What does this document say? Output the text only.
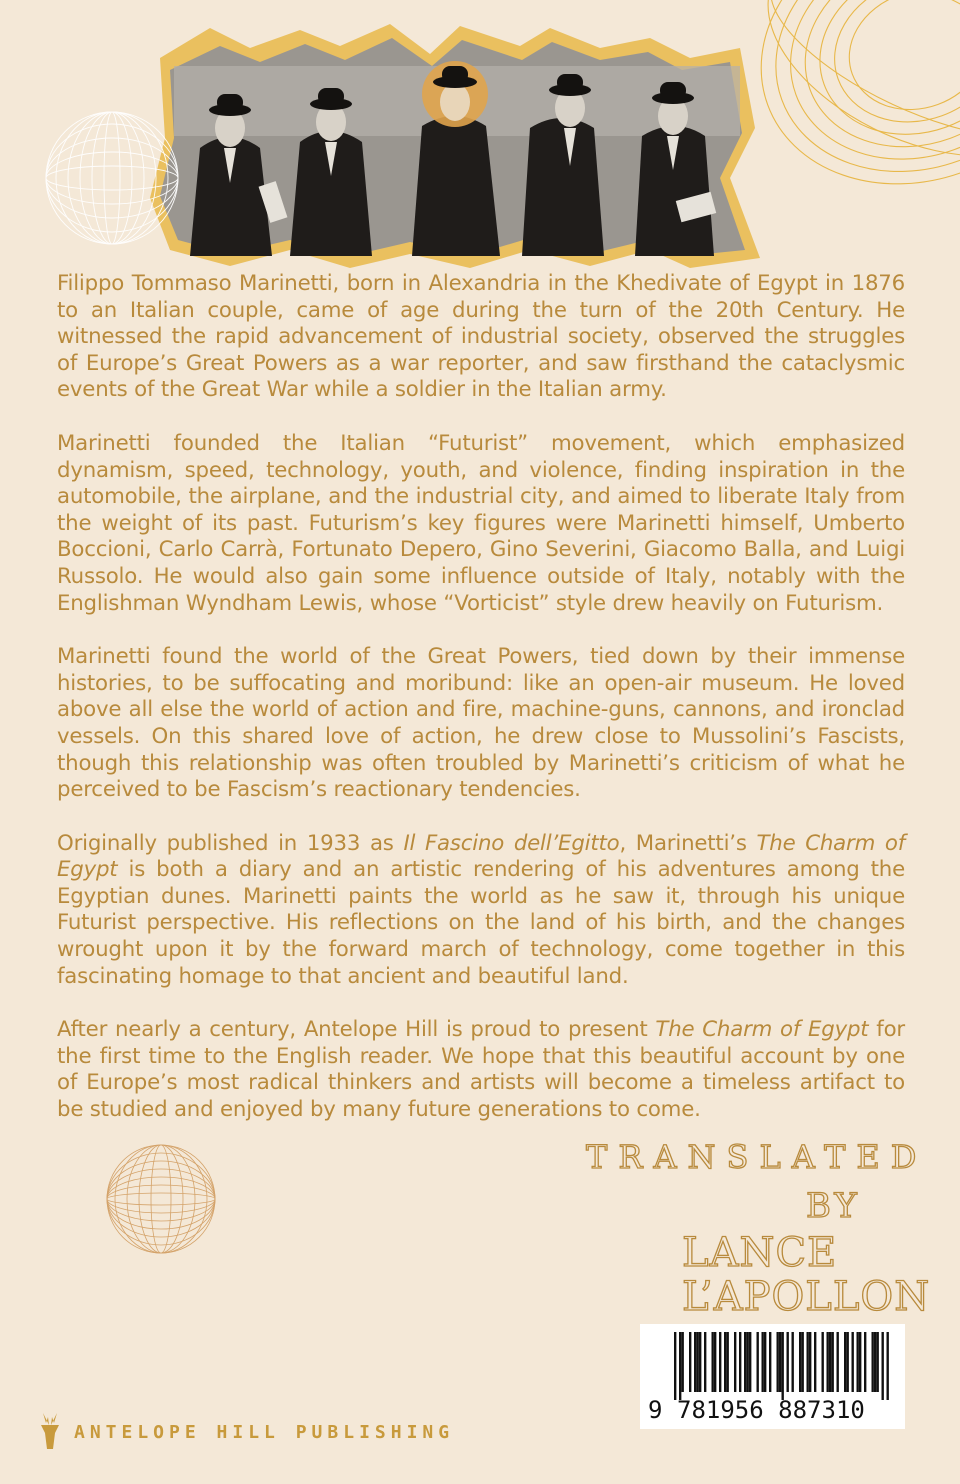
Filippo Tommaso Marinetti, born in Alexandria in the Khedivate of Egypt in 1876 to an Italian couple, came of age during the turn of the 20th Century. He witnessed the rapid advancement of industrial society, observed the struggles of Europe’s Great Powers as a war reporter, and saw firsthand the cataclysmic events of the Great War while a soldier in the Italian army.

Marinetti founded the Italian “Futurist” movement, which emphasized dynamism, speed, technology, youth, and violence, finding inspiration in the automobile, the airplane, and the industrial city, and aimed to liberate Italy from the weight of its past. Futurism’s key figures were Marinetti himself, Umberto Boccioni, Carlo Carrà, Fortunato Depero, Gino Severini, Giacomo Balla, and Luigi Russolo. He would also gain some influence outside of Italy, notably with the Englishman Wyndham Lewis, whose “Vorticist” style drew heavily on Futurism.

Marinetti found the world of the Great Powers, tied down by their immense histories, to be suffocating and moribund: like an open-air museum. He loved above all else the world of action and fire, machine-guns, cannons, and ironclad vessels. On this shared love of action, he drew close to Mussolini’s Fascists, though this relationship was often troubled by Marinetti’s criticism of what he perceived to be Fascism’s reactionary tendencies.

Originally published in 1933 as Il Fascino dell’Egitto, Marinetti’s The Charm of Egypt is both a diary and an artistic rendering of his adventures among the Egyptian dunes. Marinetti paints the world as he saw it, through his unique Futurist perspective. His reflections on the land of his birth, and the changes wrought upon it by the forward march of technology, come together in this fascinating homage to that ancient and beautiful land.

After nearly a century, Antelope Hill is proud to present The Charm of Egypt for the first time to the English reader. We hope that this beautiful account by one of Europe’s most radical thinkers and artists will become a timeless artifact to be studied and enjoyed by many future generations to come.

TRANSLATED
BY
LANCE
L’APOLLON
9 781956 887310
ANTELOPE HILL PUBLISHING
